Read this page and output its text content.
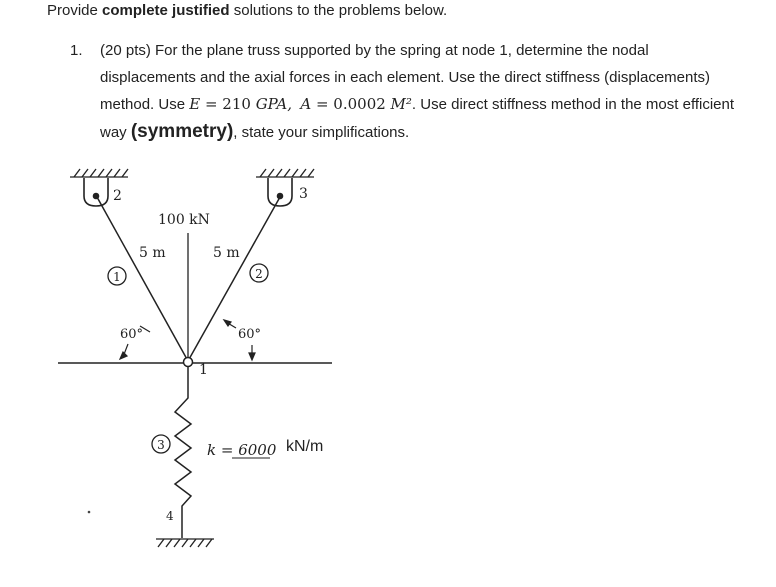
Provide complete justified solutions to the problems below.
1. (20 pts) For the plane truss supported by the spring at node 1, determine the nodal
displacements and the axial forces in each element. Use the direct stiffness (displacements)
method. Use E = 210 GPA, A = 0.0002 M². Use direct stiffness method in the most efficient
way (symmetry), state your simplifications.
2	3
1	2
100 kN
5 m	5 m
60°	60°
1
3	k = 6000 kN/m
4
